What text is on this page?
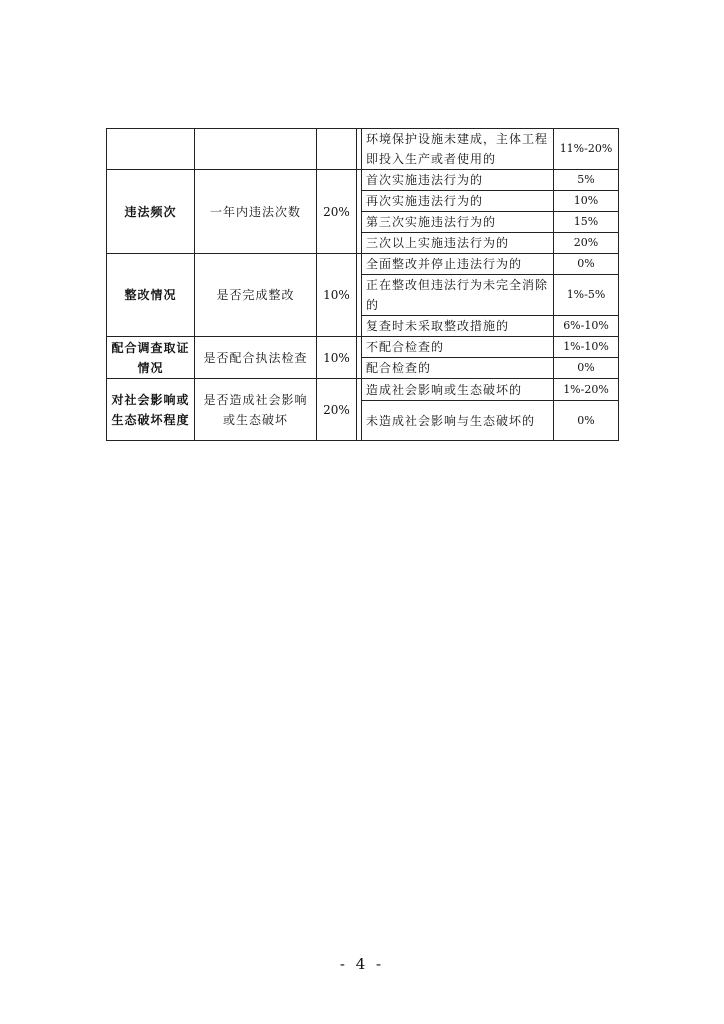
				环境保护设施未建成，主体工程即投入生产或者使用的	11%-20%
违法频次	一年内违法次数	20%		首次实施违法行为的	5%
				再次实施违法行为的	10%
				第三次实施违法行为的	15%
				三次以上实施违法行为的	20%
整改情况	是否完成整改	10%		全面整改并停止违法行为的	0%
				正在整改但违法行为未完全消除的	1%-5%
				复查时未采取整改措施的	6%-10%
配合调查取证情况	是否配合执法检查	10%		不配合检查的	1%-10%
				配合检查的	0%
对社会影响或生态破坏程度	是否造成社会影响或生态破坏	20%		造成社会影响或生态破坏的	1%-20%
				未造成社会影响与生态破坏的	0%
- 4 -
